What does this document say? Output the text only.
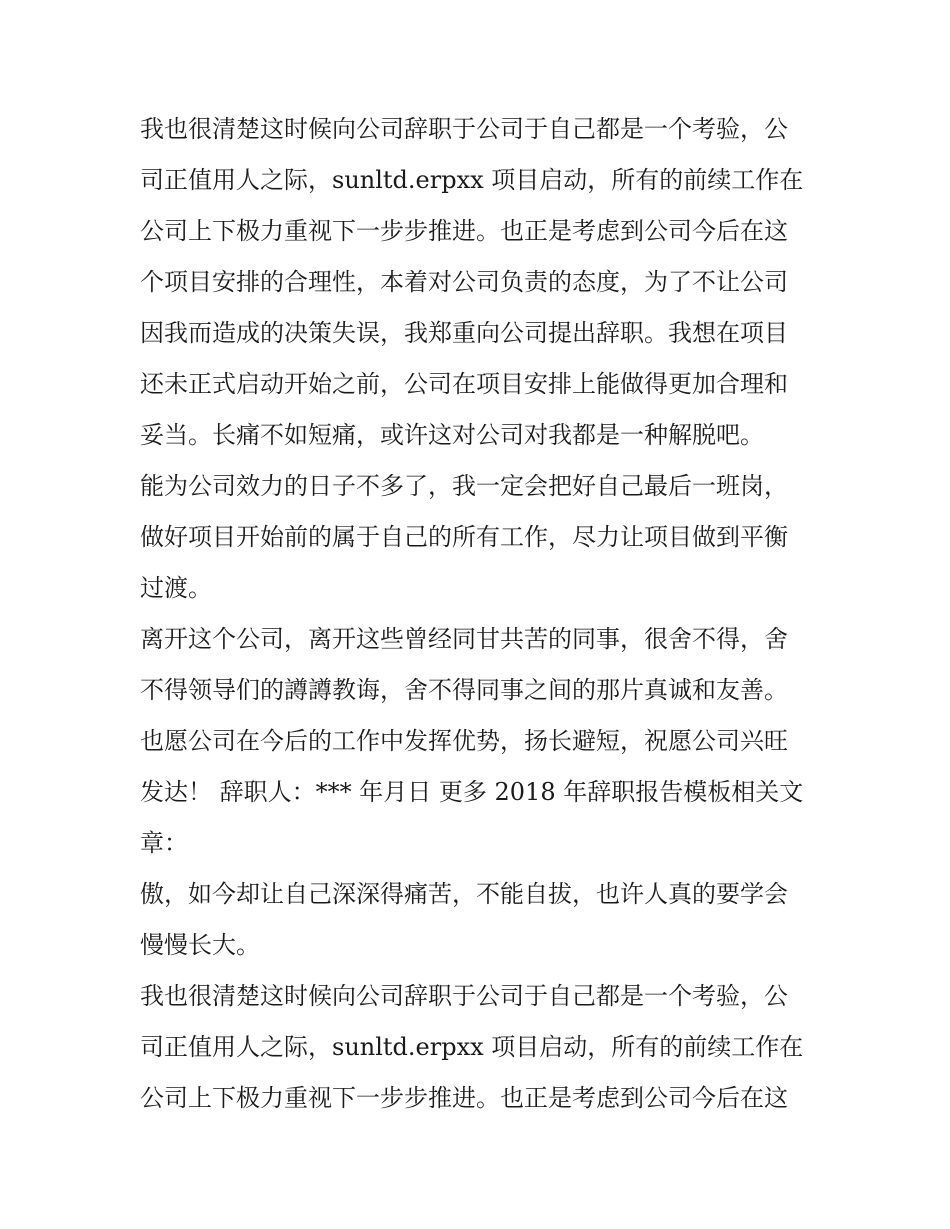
我也很清楚这时候向公司辞职于公司于自己都是一个考验，公
司正值用人之际，sunltd.erpxx 项目启动，所有的前续工作在
公司上下极力重视下一步步推进。也正是考虑到公司今后在这
个项目安排的合理性，本着对公司负责的态度，为了不让公司
因我而造成的决策失误，我郑重向公司提出辞职。我想在项目
还未正式启动开始之前，公司在项目安排上能做得更加合理和
妥当。长痛不如短痛，或许这对公司对我都是一种解脱吧。
能为公司效力的日子不多了，我一定会把好自己最后一班岗，
做好项目开始前的属于自己的所有工作，尽力让项目做到平衡
过渡。
离开这个公司，离开这些曾经同甘共苦的同事，很舍不得，舍
不得领导们的譐譐教诲，舍不得同事之间的那片真诚和友善。
也愿公司在今后的工作中发挥优势，扬长避短，祝愿公司兴旺
发达！ 辞职人：*** 年月日 更多 2018 年辞职报告模板相关文
章：
傲，如今却让自己深深得痛苦，不能自拔，也许人真的要学会
慢慢长大。
我也很清楚这时候向公司辞职于公司于自己都是一个考验，公
司正值用人之际，sunltd.erpxx 项目启动，所有的前续工作在
公司上下极力重视下一步步推进。也正是考虑到公司今后在这
